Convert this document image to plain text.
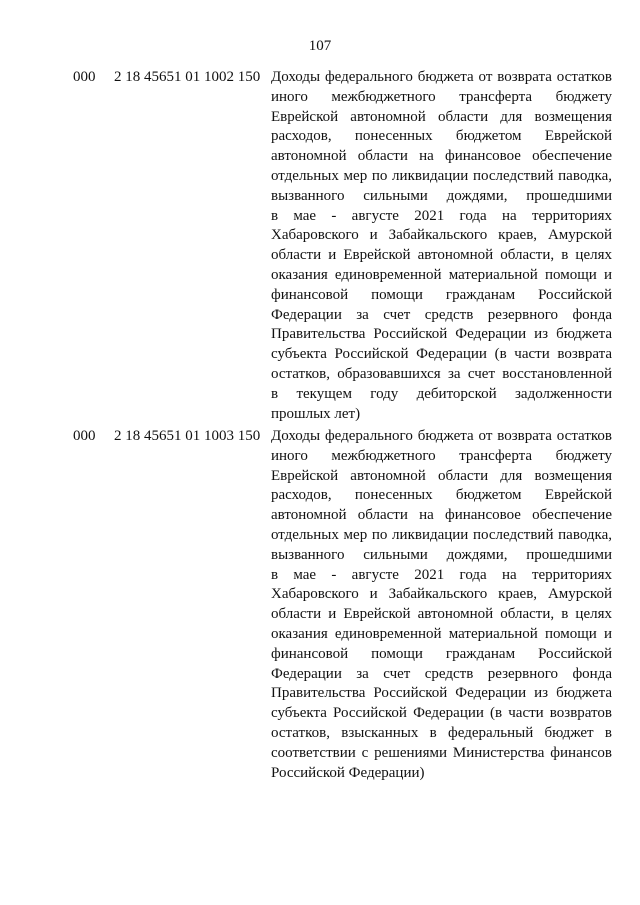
107
000 2 18 45651 01 1002 150 Доходы федерального бюджета от возврата остатков
иного межбюджетного трансферта бюджету
Еврейской автономной области для возмещения
расходов, понесенных бюджетом Еврейской
автономной области на финансовое обеспечение
отдельных мер по ликвидации последствий паводка,
вызванного сильными дождями, прошедшими
в мае - августе 2021 года на территориях
Хабаровского и Забайкальского краев, Амурской
области и Еврейской автономной области, в целях
оказания единовременной материальной помощи и
финансовой помощи гражданам Российской
Федерации за счет средств резервного фонда
Правительства Российской Федерации из бюджета
субъекта Российской Федерации (в части возврата
остатков, образовавшихся за счет восстановленной
в текущем году дебиторской задолженности
прошлых лет)
000 2 18 45651 01 1003 150 Доходы федерального бюджета от возврата остатков
иного межбюджетного трансферта бюджету
Еврейской автономной области для возмещения
расходов, понесенных бюджетом Еврейской
автономной области на финансовое обеспечение
отдельных мер по ликвидации последствий паводка,
вызванного сильными дождями, прошедшими
в мае - августе 2021 года на территориях
Хабаровского и Забайкальского краев, Амурской
области и Еврейской автономной области, в целях
оказания единовременной материальной помощи и
финансовой помощи гражданам Российской
Федерации за счет средств резервного фонда
Правительства Российской Федерации из бюджета
субъекта Российской Федерации (в части возвратов
остатков, взысканных в федеральный бюджет в
соответствии с решениями Министерства финансов
Российской Федерации)
